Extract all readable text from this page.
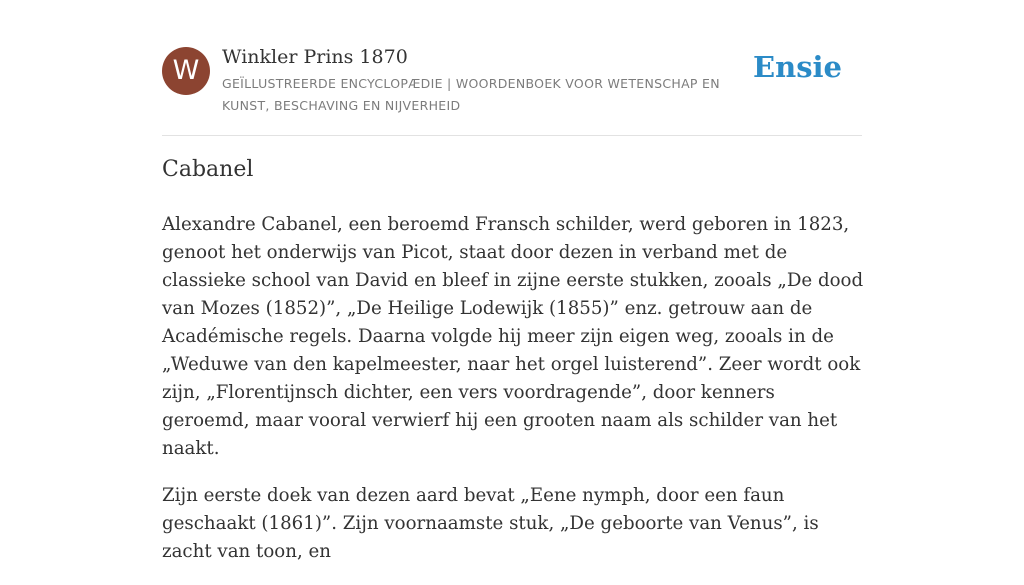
W	Winkler Prins 1870
GEÏLLUSTREERDE ENCYCLOPÆDIE | WOORDENBOEK VOOR WETENSCHAP EN KUNST, BESCHAVING EN NIJVERHEID
Ensie
Cabanel

Alexandre Cabanel, een beroemd Fransch schilder, werd geboren in 1823, genoot het onderwijs van Picot, staat door dezen in verband met de classieke school van David en bleef in zijne eerste stukken, zooals „De dood van Mozes (1852)”, „De Heilige Lodewijk (1855)” enz. getrouw aan de Académische regels. Daarna volgde hij meer zijn eigen weg, zooals in de „Weduwe van den kapelmeester, naar het orgel luisterend”. Zeer wordt ook zijn, „Florentijnsch dichter, een vers voordragende”, door kenners geroemd, maar vooral verwierf hij een grooten naam als schilder van het naakt.

Zijn eerste doek van dezen aard bevat „Eene nymph, door een faun geschaakt (1861)”. Zijn voornaamste stuk, „De geboorte van Venus”, is zacht van toon, en
